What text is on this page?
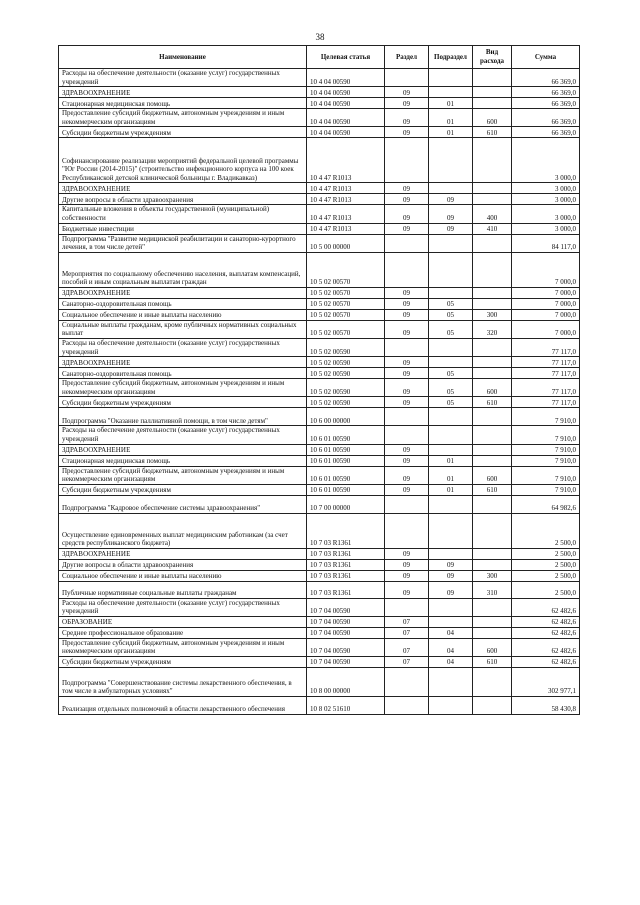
38
Наименование	Целевая статья	Раздел	Подраздел	Вид расхода	Сумма
Расходы на обеспечение деятельности (оказание услуг) государственных учреждений	10 4 04 00590				66 369,0
ЗДРАВООХРАНЕНИЕ	10 4 04 00590	09			66 369,0
Стационарная медицинская помощь	10 4 04 00590	09	01		66 369,0
Предоставление субсидий бюджетным, автономным учреждениям и иным некоммерческим организациям	10 4 04 00590	09	01	600	66 369,0
Субсидии бюджетным учреждениям	10 4 04 00590	09	01	610	66 369,0
Софинансирование реализации мероприятий федеральной целевой программы "Юг России (2014-2015)" (строительство инфекционного корпуса на 100 коек Республиканской детской клинической больницы г. Владикавказ)	10 4 47 R1013				3 000,0
ЗДРАВООХРАНЕНИЕ	10 4 47 R1013	09			3 000,0
Другие вопросы в области здравоохранения	10 4 47 R1013	09	09		3 000,0
Капитальные вложения в объекты государственной (муниципальной) собственности	10 4 47 R1013	09	09	400	3 000,0
Бюджетные инвестиции	10 4 47 R1013	09	09	410	3 000,0
Подпрограмма "Развитие медицинской реабилитации и санаторно-курортного лечения, в том числе детей"	10 5 00 00000				84 117,0
Мероприятия по социальному обеспечению населения, выплатам компенсаций, пособий и иным социальным выплатам граждан	10 5 02 00570				7 000,0
ЗДРАВООХРАНЕНИЕ	10 5 02 00570	09			7 000,0
Санаторно-оздоровительная помощь	10 5 02 00570	09	05		7 000,0
Социальное обеспечение и иные выплаты населению	10 5 02 00570	09	05	300	7 000,0
Социальные выплаты гражданам, кроме публичных нормативных социальных выплат	10 5 02 00570	09	05	320	7 000,0
Расходы на обеспечение деятельности (оказание услуг) государственных учреждений	10 5 02 00590				77 117,0
ЗДРАВООХРАНЕНИЕ	10 5 02 00590	09			77 117,0
Санаторно-оздоровительная помощь	10 5 02 00590	09	05		77 117,0
Предоставление субсидий бюджетным, автономным учреждениям и иным некоммерческим организациям	10 5 02 00590	09	05	600	77 117,0
Субсидии бюджетным учреждениям	10 5 02 00590	09	05	610	77 117,0
Подпрограмма "Оказание паллиативной помощи, в том числе детям"	10 6 00 00000				7 910,0
Расходы на обеспечение деятельности (оказание услуг) государственных учреждений	10 6 01 00590				7 910,0
ЗДРАВООХРАНЕНИЕ	10 6 01 00590	09			7 910,0
Стационарная медицинская помощь	10 6 01 00590	09	01		7 910,0
Предоставление субсидий бюджетным, автономным учреждениям и иным некоммерческим организациям	10 6 01 00590	09	01	600	7 910,0
Субсидии бюджетным учреждениям	10 6 01 00590	09	01	610	7 910,0
Подпрограмма "Кадровое обеспечение системы здравоохранения"	10 7 00 00000				64 982,6
Осуществление единовременных выплат медицинским работникам (за счет средств республиканского бюджета)	10 7 03 R1361				2 500,0
ЗДРАВООХРАНЕНИЕ	10 7 03 R1361	09			2 500,0
Другие вопросы в области здравоохранения	10 7 03 R1361	09	09		2 500,0
Социальное обеспечение и иные выплаты населению	10 7 03 R1361	09	09	300	2 500,0
Публичные нормативные социальные выплаты гражданам	10 7 03 R1361	09	09	310	2 500,0
Расходы на обеспечение деятельности (оказание услуг) государственных учреждений	10 7 04 00590				62 482,6
ОБРАЗОВАНИЕ	10 7 04 00590	07			62 482,6
Среднее профессиональное образование	10 7 04 00590	07	04		62 482,6
Предоставление субсидий бюджетным, автономным учреждениям и иным некоммерческим организациям	10 7 04 00590	07	04	600	62 482,6
Субсидии бюджетным учреждениям	10 7 04 00590	07	04	610	62 482,6
Подпрограмма "Совершенствование системы лекарственного обеспечения, в том числе в амбулаторных условиях"	10 8 00 00000				302 977,1
Реализация отдельных полномочий в области лекарственного обеспечения	10 8 02 51610				58 430,8
